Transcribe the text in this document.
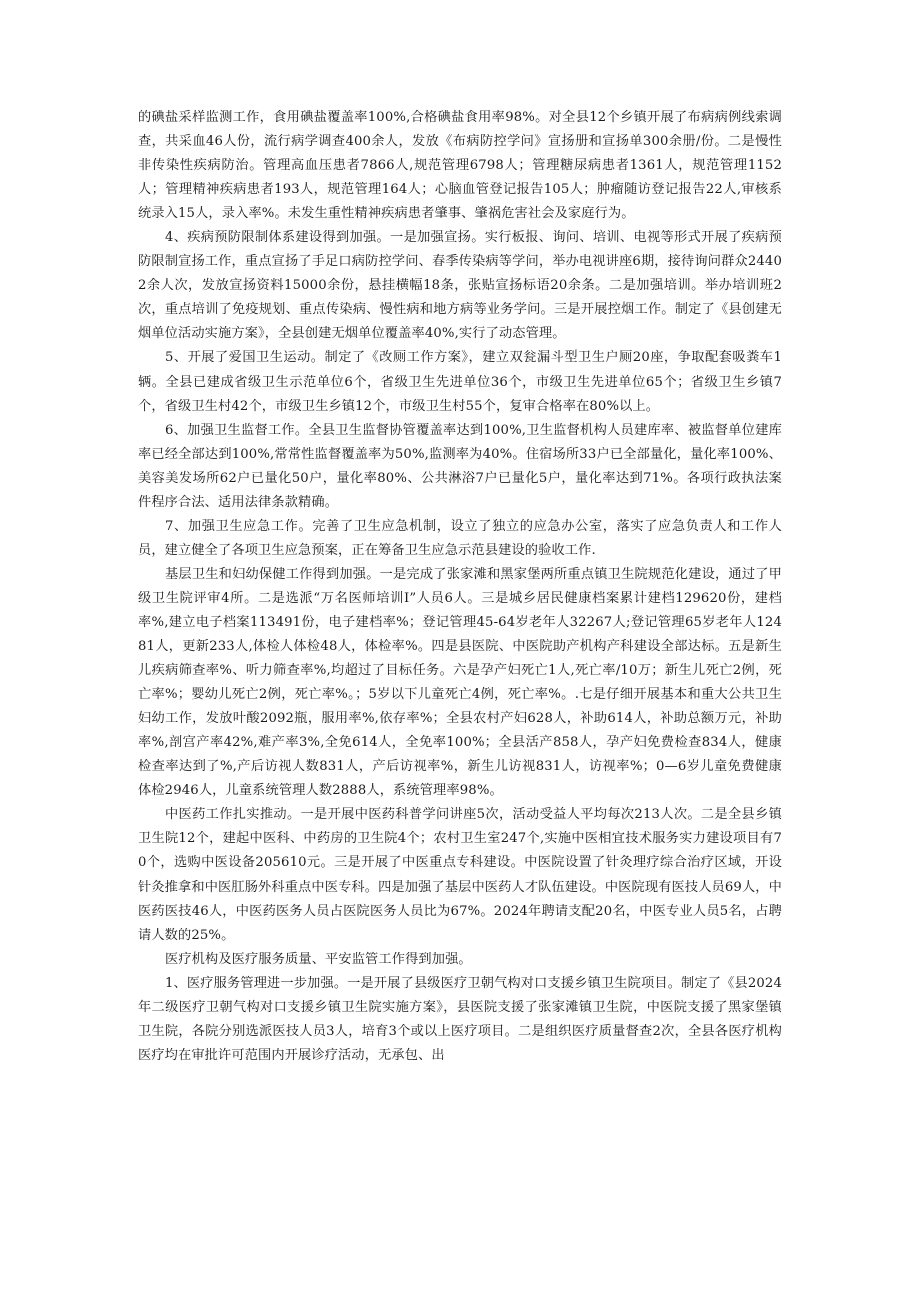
的碘盐采样监测工作，食用碘盐覆盖率100%,合格碘盐食用率98%。对全县12个乡镇开展了布病病例线索调查，共采血46人份，流行病学调查400余人，发放《布病防控学问》宣扬册和宣扬单300余册/份。二是慢性非传染性疾病防治。管理高血压患者7866人,规范管理6798人；管理糖尿病患者1361人，规范管理1152人；管理精神疾病患者193人，规范管理164人；心脑血管登记报告105人；肿瘤随访登记报告22人,审核系统录入15人，录入率%。未发生重性精神疾病患者肇事、肇祸危害社会及家庭行为。

4、疾病预防限制体系建设得到加强。一是加强宣扬。实行板报、询问、培训、电视等形式开展了疾病预防限制宣扬工作，重点宣扬了手足口病防控学问、春季传染病等学问，举办电视讲座6期，接待询问群众24402余人次，发放宣扬资料15000余份，悬挂横幅18条，张贴宣扬标语20余条。二是加强培训。举办培训班2次，重点培训了免疫规划、重点传染病、慢性病和地方病等业务学问。三是开展控烟工作。制定了《县创建无烟单位活动实施方案》，全县创建无烟单位覆盖率40%,实行了动态管理。

5、开展了爱国卫生运动。制定了《改厕工作方案》，建立双瓮漏斗型卫生户厕20座，争取配套吸粪车1辆。全县已建成省级卫生示范单位6个，省级卫生先进单位36个，市级卫生先进单位65个；省级卫生乡镇7个，省级卫生村42个，市级卫生乡镇12个，市级卫生村55个，复审合格率在80%以上。

6、加强卫生监督工作。全县卫生监督协管覆盖率达到100%,卫生监督机构人员建库率、被监督单位建库率已经全部达到100%,常常性监督覆盖率为50%,监测率为40%。住宿场所33户已全部量化，量化率100%、美容美发场所62户已量化50户，量化率80%、公共淋浴7户已量化5户，量化率达到71%。各项行政执法案件程序合法、适用法律条款精确。

7、加强卫生应急工作。完善了卫生应急机制，设立了独立的应急办公室，落实了应急负责人和工作人员，建立健全了各项卫生应急预案，正在筹备卫生应急示范县建设的验收工作.

基层卫生和妇幼保健工作得到加强。一是完成了张家滩和黑家堡两所重点镇卫生院规范化建设，通过了甲级卫生院评审4所。二是选派“万名医师培训I”人员6人。三是城乡居民健康档案累计建档129620份，建档率%,建立电子档案113491份，电子建档率%；登记管理45-64岁老年人32267人;登记管理65岁老年人12481人，更新233人,体检人体检48人，体检率%。四是县医院、中医院助产机构产科建设全部达标。五是新生儿疾病筛查率%、听力筛查率%,均超过了目标任务。六是孕产妇死亡1人,死亡率/10万；新生儿死亡2例，死亡率%；婴幼儿死亡2例，死亡率%。；5岁以下儿童死亡4例，死亡率%。.七是仔细开展基本和重大公共卫生妇幼工作，发放叶酸2092瓶，服用率%,依存率%；全县农村产妇628人，补助614人，补助总额万元，补助率%,剖宫产率42%,难产率3%,全免614人，全免率100%；全县活产858人，孕产妇免费检查834人，健康检查率达到了%,产后访视人数831人，产后访视率%，新生儿访视831人，访视率%；0—6岁儿童免费健康体检2946人，儿童系统管理人数2888人，系统管理率98%。

中医药工作扎实推动。一是开展中医药科普学问讲座5次，活动受益人平均每次213人次。二是全县乡镇卫生院12个，建起中医科、中药房的卫生院4个；农村卫生室247个,实施中医相宜技术服务实力建设项目有70个，选购中医设备205610元。三是开展了中医重点专科建设。中医院设置了针灸理疗综合治疗区域，开设针灸推拿和中医肛肠外科重点中医专科。四是加强了基层中医药人才队伍建设。中医院现有医技人员69人，中医药医技46人，中医药医务人员占医院医务人员比为67%。2024年聘请支配20名，中医专业人员5名，占聘请人数的25%。

医疗机构及医疗服务质量、平安监管工作得到加强。

1、医疗服务管理进一步加强。一是开展了县级医疗卫朝气构对口支援乡镇卫生院项目。制定了《县2024年二级医疗卫朝气构对口支援乡镇卫生院实施方案》，县医院支援了张家滩镇卫生院，中医院支援了黑家堡镇卫生院，各院分别选派医技人员3人，培育3个或以上医疗项目。二是组织医疗质量督查2次，全县各医疗机构医疗均在审批许可范围内开展诊疗活动，无承包、出
